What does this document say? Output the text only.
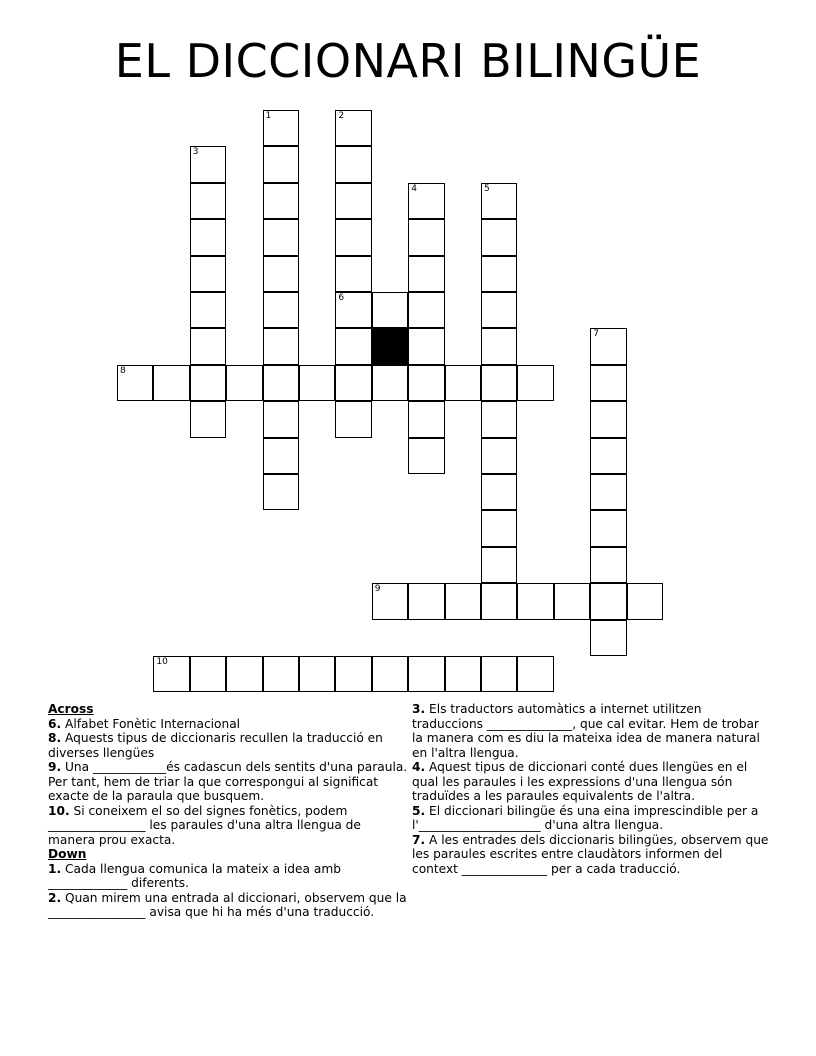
EL DICCIONARI BILINGÜE
1	2
3
4	5
6
7
8
9
10
Across
6. Alfabet Fonètic Internacional
8. Aquests tipus de diccionaris recullen la traducció en diverses llengües
9. Una ____________és cadascun dels sentits d'una paraula. Per tant, hem de triar la que correspongui al significat exacte de la paraula que busquem.
10. Si coneixem el so del signes fonètics, podem ________________ les paraules d'una altra llengua de manera prou exacta.
Down
1. Cada llengua comunica la mateix a idea amb _____________ diferents.
2. Quan mirem una entrada al diccionari, observem que la ________________ avisa que hi ha més d'una traducció.
3. Els traductors automàtics a internet utilitzen traduccions ______________, que cal evitar. Hem de trobar la manera com es diu la mateixa idea de manera natural en l'altra llengua.
4. Aquest tipus de diccionari conté dues llengües en el qual les paraules i les expressions d'una llengua són traduïdes a les paraules equivalents de l'altra.
5. El diccionari bilingüe és una eina imprescindible per a l'____________________ d'una altra llengua.
7. A les entrades dels diccionaris bilingües, observem que les paraules escrites entre claudàtors informen del context ______________ per a cada traducció.
